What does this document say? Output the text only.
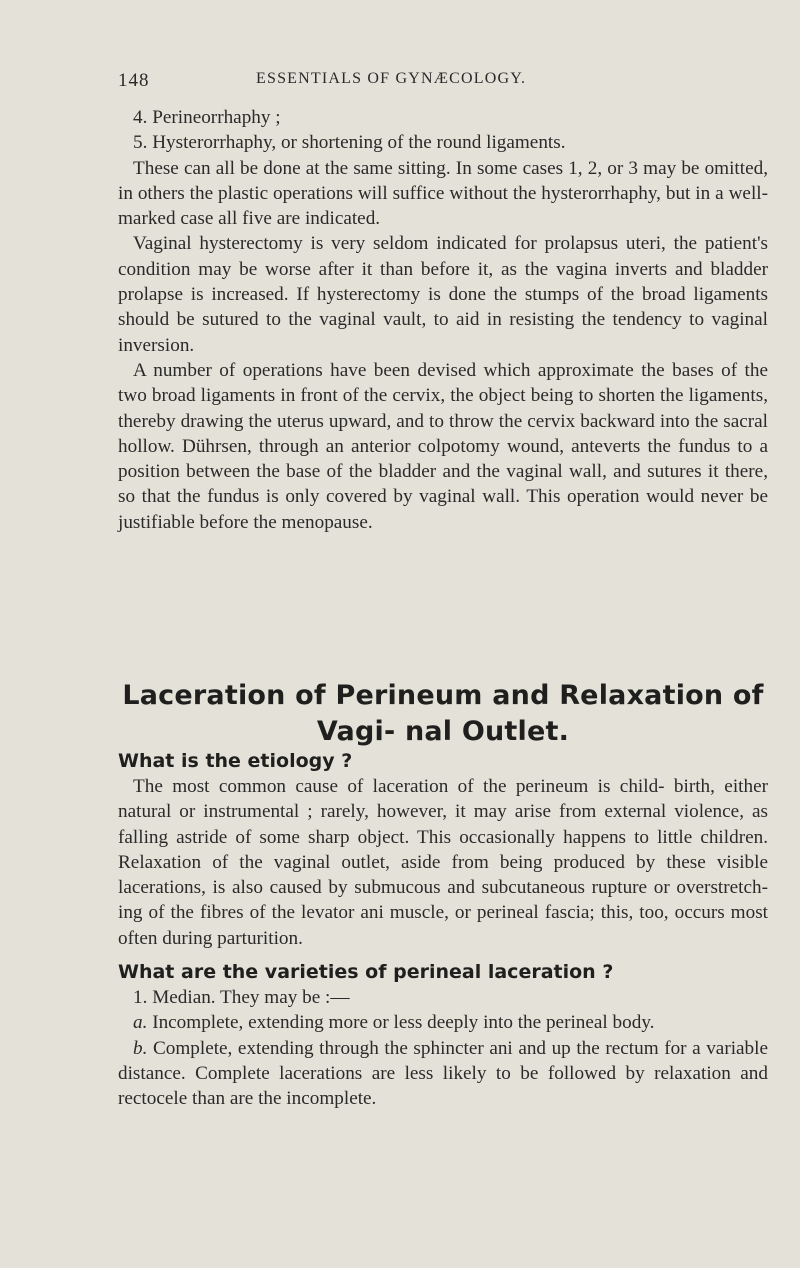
148	ESSENTIALS OF GYNÆCOLOGY.

4. Perineorrhaphy ;

5. Hysterorrhaphy, or shortening of the round ligaments.

These can all be done at the same sitting. In some cases 1, 2, or 3 may be omitted, in others the plastic operations will suffice without the hysterorrhaphy, but in a well-marked case all five are indicated.

Vaginal hysterectomy is very seldom indicated for prolapsus uteri, the patient's condition may be worse after it than before it, as the vagina inverts and bladder prolapse is increased. If hysterectomy is done the stumps of the broad ligaments should be sutured to the vaginal vault, to aid in resisting the tendency to vaginal inversion.

A number of operations have been devised which approximate the bases of the two broad ligaments in front of the cervix, the object being to shorten the ligaments, thereby drawing the uterus upward, and to throw the cervix backward into the sacral hollow. Dührsen, through an anterior colpotomy wound, anteverts the fundus to a position between the base of the bladder and the vaginal wall, and sutures it there, so that the fundus is only covered by vaginal wall. This operation would never be justifiable before the menopause.

Laceration of Perineum and Relaxation of Vagi- nal Outlet.

What is the etiology ?

The most common cause of laceration of the perineum is child- birth, either natural or instrumental ; rarely, however, it may arise from external violence, as falling astride of some sharp object. This occasionally happens to little children. Relaxation of the vaginal outlet, aside from being produced by these visible lacerations, is also caused by submucous and subcutaneous rupture or overstretch- ing of the fibres of the levator ani muscle, or perineal fascia; this, too, occurs most often during parturition.

What are the varieties of perineal laceration ?

1. Median. They may be :—

a. Incomplete, extending more or less deeply into the perineal body.

b. Complete, extending through the sphincter ani and up the rectum for a variable distance. Complete lacerations are less likely to be followed by relaxation and rectocele than are the incomplete.
